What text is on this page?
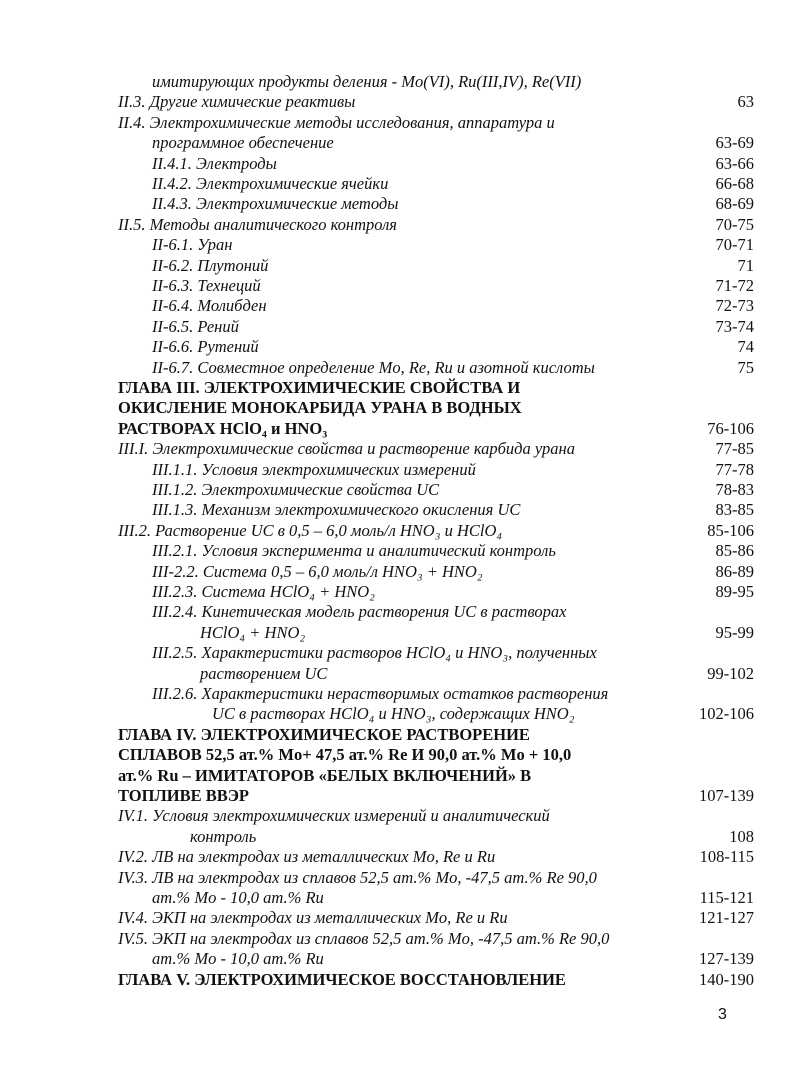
имитирующих продукты деления - Mo(VI), Ru(III,IV), Re(VII)
II.3. Другие химические реактивы	63
II.4. Электрохимические методы исследования, аппаратура и
программное обеспечение	63-69
II.4.1. Электроды	63-66
II.4.2. Электрохимические ячейки	66-68
II.4.3. Электрохимические методы	68-69
II.5. Методы аналитического контроля	70-75
II-6.1. Уран	70-71
II-6.2. Плутоний	71
II-6.3. Технеций	71-72
II-6.4. Молибден	72-73
II-6.5. Рений	73-74
II-6.6. Рутений	74
II-6.7. Совместное определение Mo, Re, Ru и азотной кислоты	75
ГЛАВА III. ЭЛЕКТРОХИМИЧЕСКИЕ СВОЙСТВА И
ОКИСЛЕНИЕ МОНОКАРБИДА УРАНА В ВОДНЫХ
РАСТВОРАХ HClO₄ и HNO₃	76-106
III.I. Электрохимические свойства и растворение карбида урана	77-85
III.1.1. Условия электрохимических измерений	77-78
III.1.2. Электрохимические свойства UC	78-83
III.1.3. Механизм электрохимического окисления UC	83-85
III.2. Растворение UC в 0,5 – 6,0 моль/л HNO₃ и HClO₄	85-106
III.2.1. Условия эксперимента и аналитический контроль	85-86
III-2.2. Система 0,5 – 6,0 моль/л HNO₃ + HNO₂	86-89
III.2.3. Система HClO₄ + HNO₂	89-95
III.2.4. Кинетическая модель растворения UC в растворах
HClO₄ + HNO₂	95-99
III.2.5. Характеристики растворов HClO₄ и HNO₃, полученных
растворением UC	99-102
III.2.6. Характеристики нерастворимых остатков растворения
UC в растворах HClO₄ и HNO₃, содержащих HNO₂	102-106
ГЛАВА IV. ЭЛЕКТРОХИМИЧЕСКОЕ РАСТВОРЕНИЕ
СПЛАВОВ 52,5 ат.% Mo+ 47,5 ат.% Re И 90,0 ат.% Mo + 10,0
ат.% Ru – ИМИТАТОРОВ «БЕЛЫХ ВКЛЮЧЕНИЙ» В
ТОПЛИВЕ ВВЭР	107-139
IV.1. Условия электрохимических измерений и аналитический
контроль	108
IV.2. ЛВ на электродах из металлических Mo, Re и Ru	108-115
IV.3. ЛВ на электродах из сплавов 52,5 ат.% Mo, -47,5 ат.% Re 90,0
ат.% Mo - 10,0 ат.% Ru	115-121
IV.4. ЭКП на электродах из металлических Mo, Re и Ru	121-127
IV.5. ЭКП на электродах из сплавов 52,5 ат.% Mo, -47,5 ат.% Re 90,0
ат.% Mo - 10,0 ат.% Ru	127-139
ГЛАВА V. ЭЛЕКТРОХИМИЧЕСКОЕ ВОССТАНОВЛЕНИЕ	140-190
3
